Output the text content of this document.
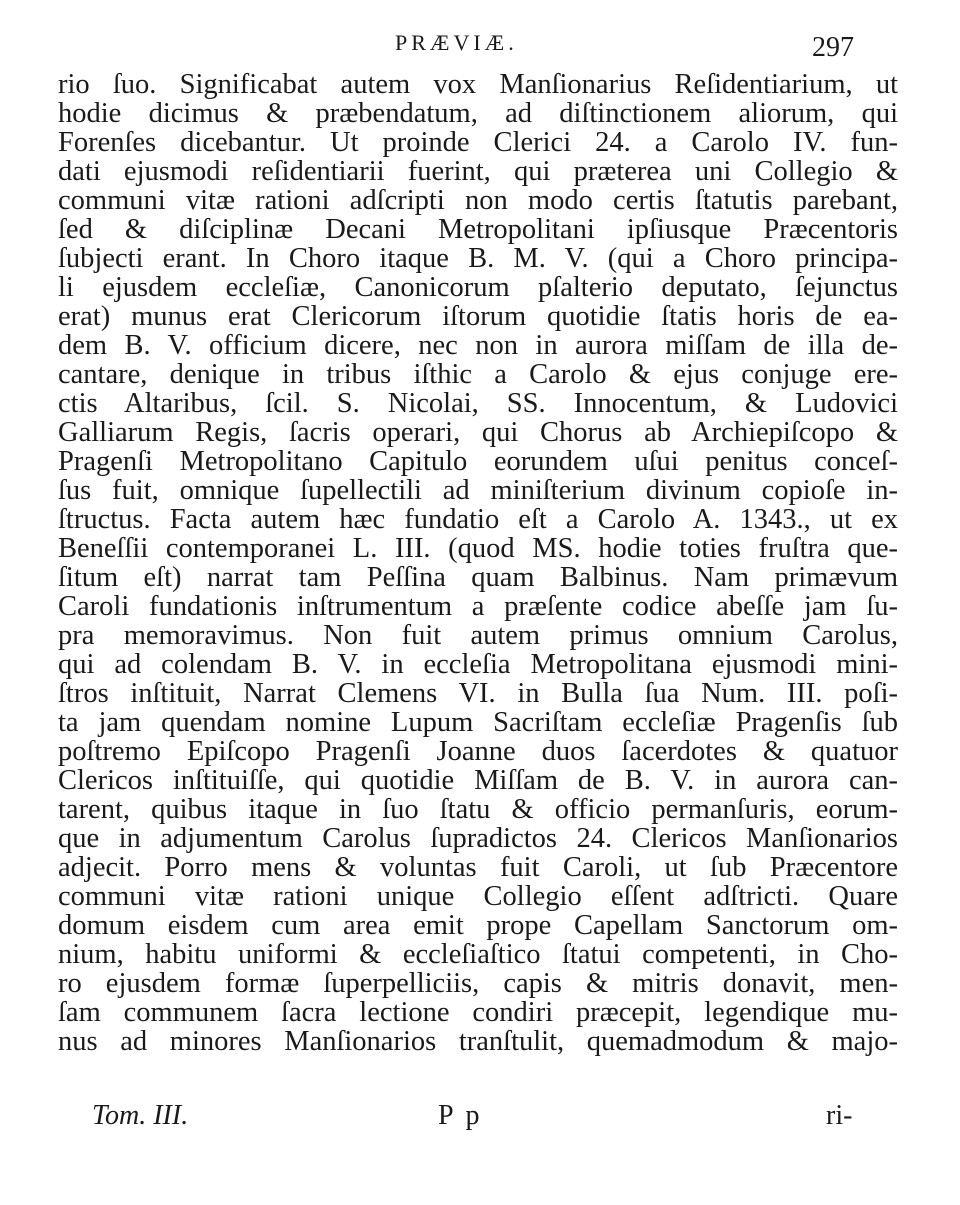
PRÆVIÆ.	297
rio ſuo. Significabat autem vox Manſionarius Reſidentiarium, ut
hodie dicimus & præbendatum, ad diſtinctionem aliorum, qui
Forenſes dicebantur. Ut proinde Clerici 24. a Carolo IV. fun-
dati ejusmodi reſidentiarii fuerint, qui præterea uni Collegio &
communi vitæ rationi adſcripti non modo certis ſtatutis parebant,
ſed & diſciplinæ Decani Metropolitani ipſiusque Præcentoris
ſubjecti erant. In Choro itaque B. M. V. (qui a Choro principa-
li ejusdem eccleſiæ, Canonicorum pſalterio deputato, ſejunctus
erat) munus erat Clericorum iſtorum quotidie ſtatis horis de ea-
dem B. V. officium dicere, nec non in aurora miſſam de illa de-
cantare, denique in tribus iſthic a Carolo & ejus conjuge ere-
ctis Altaribus, ſcil. S. Nicolai, SS. Innocentum, & Ludovici
Galliarum Regis, ſacris operari, qui Chorus ab Archiepiſcopo &
Pragenſi Metropolitano Capitulo eorundem uſui penitus conceſ-
ſus fuit, omnique ſupellectili ad miniſterium divinum copioſe in-
ſtructus. Facta autem hæc fundatio eſt a Carolo A. 1343., ut ex
Beneſſii contemporanei L. III. (quod MS. hodie toties fruſtra que-
ſitum eſt) narrat tam Peſſina quam Balbinus. Nam primævum
Caroli fundationis inſtrumentum a præſente codice abeſſe jam ſu-
pra memoravimus. Non fuit autem primus omnium Carolus,
qui ad colendam B. V. in eccleſia Metropolitana ejusmodi mini-
ſtros inſtituit, Narrat Clemens VI. in Bulla ſua Num. III. poſi-
ta jam quendam nomine Lupum Sacriſtam eccleſiæ Pragenſis ſub
poſtremo Epiſcopo Pragenſi Joanne duos ſacerdotes & quatuor
Clericos inſtituiſſe, qui quotidie Miſſam de B. V. in aurora can-
tarent, quibus itaque in ſuo ſtatu & officio permanſuris, eorum-
que in adjumentum Carolus ſupradictos 24. Clericos Manſionarios
adjecit. Porro mens & voluntas fuit Caroli, ut ſub Præcentore
communi vitæ rationi unique Collegio eſſent adſtricti. Quare
domum eisdem cum area emit prope Capellam Sanctorum om-
nium, habitu uniformi & eccleſiaſtico ſtatui competenti, in Cho-
ro ejusdem formæ ſuperpelliciis, capis & mitris donavit, men-
ſam communem ſacra lectione condiri præcepit, legendique mu-
nus ad minores Manſionarios tranſtulit, quemadmodum & majo-
Tom. III.	P p	ri-
